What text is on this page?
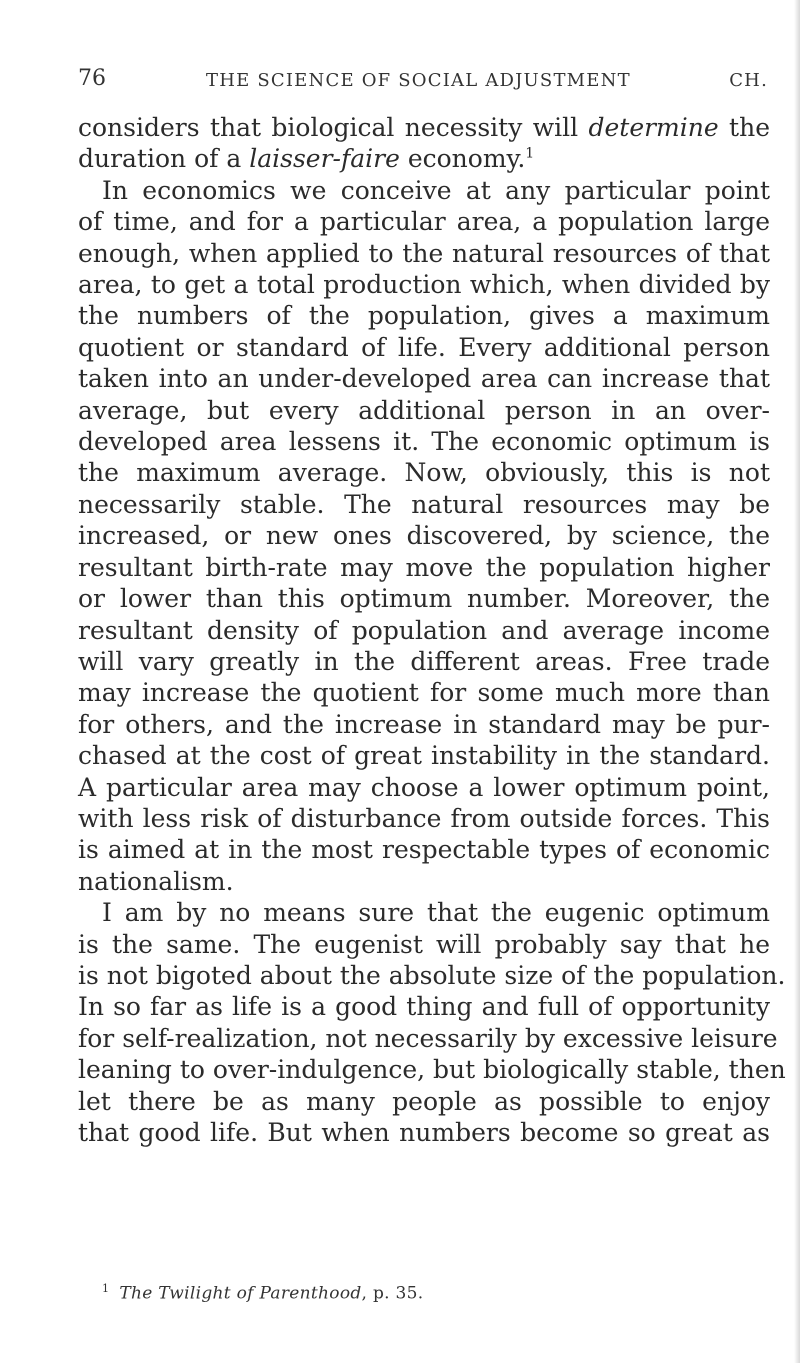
76	THE SCIENCE OF SOCIAL ADJUSTMENT	CH.
considers that biological necessity will determine the
duration of a laisser-faire economy.$^1$
In economics we conceive at any particular point
of time, and for a particular area, a population large
enough, when applied to the natural resources of that
area, to get a total production which, when divided by
the numbers of the population, gives a maximum
quotient or standard of life. Every additional person
taken into an under-developed area can increase that
average, but every additional person in an over-
developed area lessens it. The economic optimum is
the maximum average. Now, obviously, this is not
necessarily stable. The natural resources may be
increased, or new ones discovered, by science, the
resultant birth-rate may move the population higher
or lower than this optimum number. Moreover, the
resultant density of population and average income
will vary greatly in the different areas. Free trade
may increase the quotient for some much more than
for others, and the increase in standard may be pur-
chased at the cost of great instability in the standard.
A particular area may choose a lower optimum point,
with less risk of disturbance from outside forces. This
is aimed at in the most respectable types of economic
nationalism.
I am by no means sure that the eugenic optimum
is the same. The eugenist will probably say that he
is not bigoted about the absolute size of the population.
In so far as life is a good thing and full of opportunity
for self-realization, not necessarily by excessive leisure
leaning to over-indulgence, but biologically stable, then
let there be as many people as possible to enjoy
that good life. But when numbers become so great as
$^1$ The Twilight of Parenthood, p. 35.
